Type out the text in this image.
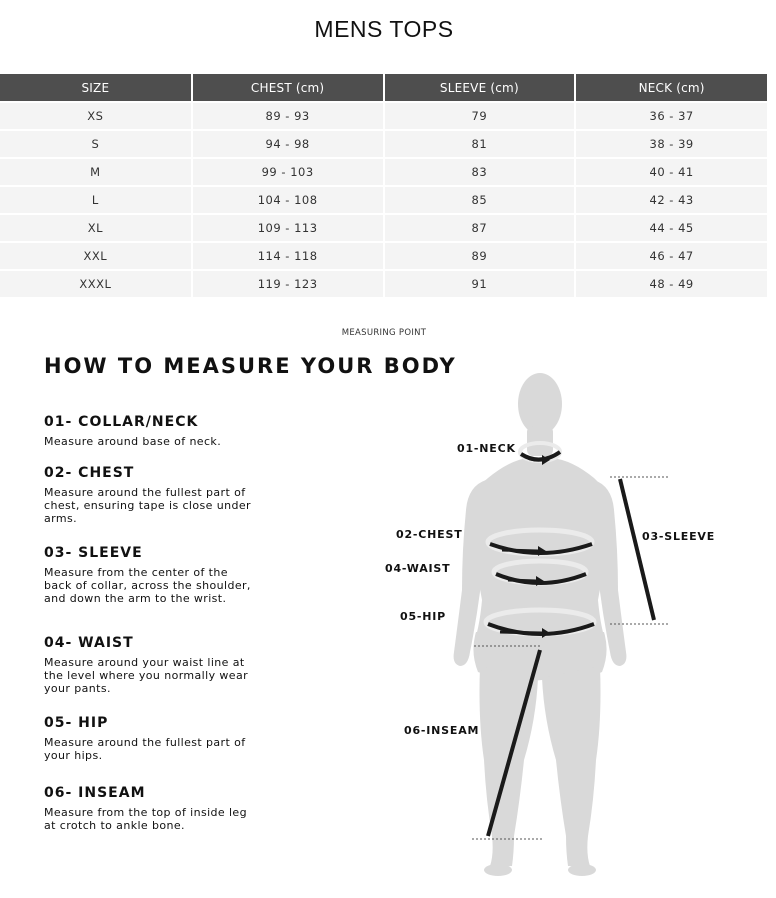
MENS TOPS
SIZE	CHEST (cm)	SLEEVE (cm)	NECK (cm)
XS	89 - 93	79	36 - 37
S	94 - 98	81	38 - 39
M	99 - 103	83	40 - 41
L	104 - 108	85	42 - 43
XL	109 - 113	87	44 - 45
XXL	114 - 118	89	46 - 47
XXXL	119 - 123	91	48 - 49
MEASURING POINT
HOW TO MEASURE YOUR BODY
01- COLLAR/NECK
Measure around base of neck.
02- CHEST
Measure around the fullest part of chest, ensuring tape is close under arms.
03- SLEEVE
Measure from the center of the back of collar, across the shoulder, and down the arm to the wrist.
04- WAIST
Measure around your waist line at the level where you normally wear your pants.
05- HIP
Measure around the fullest part of your hips.
06- INSEAM
Measure from the top of inside leg at crotch to ankle bone.
01-NECK
02-CHEST	03-SLEEVE
04-WAIST
05-HIP
06-INSEAM
